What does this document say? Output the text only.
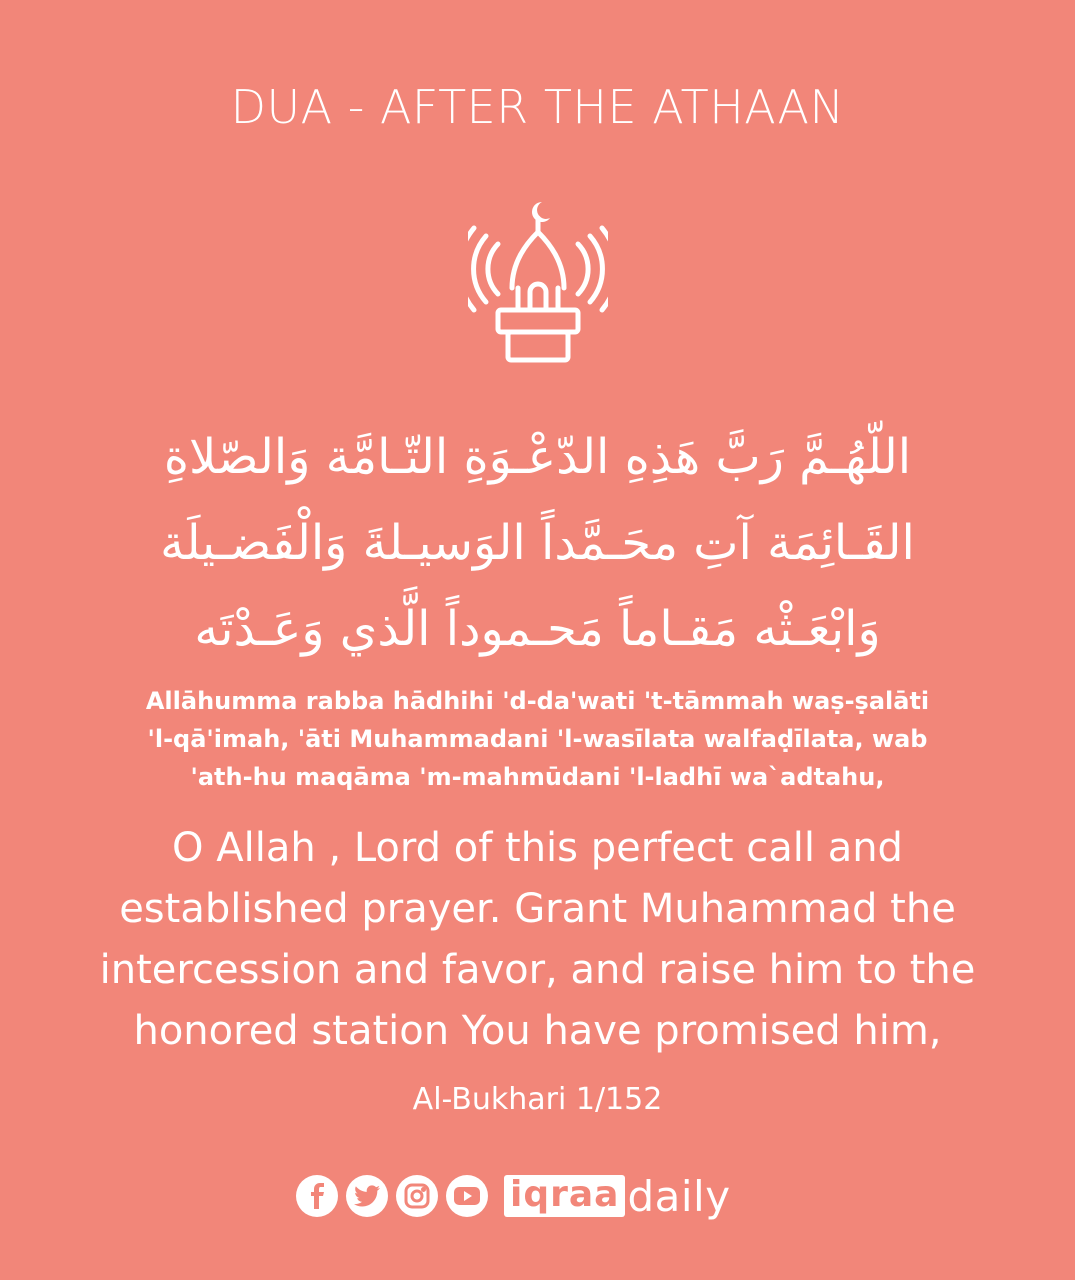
DUA - AFTER THE ATHAAN
اللّهُـمَّ رَبَّ هَذِهِ الدّعْـوَةِ التّـامَّة وَالصّلاةِ
القَـائِمَة آتِ محَـمَّداً الوَسيـلةَ وَالْفَضـيلَة
وَابْعَـثْه مَقـاماً مَحـموداً الَّذي وَعَـدْتَه
Allāhumma rabba hādhihi 'd-da'wati 't-tāmmah waṣ-ṣalāti
'l-qā'imah, 'āti Muhammadani 'l-wasīlata walfaḍīlata, wab
'ath-hu maqāma 'm-mahmūdani 'l-ladhī wa`adtahu,
O Allah , Lord of this perfect call and
established prayer. Grant Muhammad the
intercession and favor, and raise him to the
honored station You have promised him,
Al-Bukhari 1/152
iqraa daily
